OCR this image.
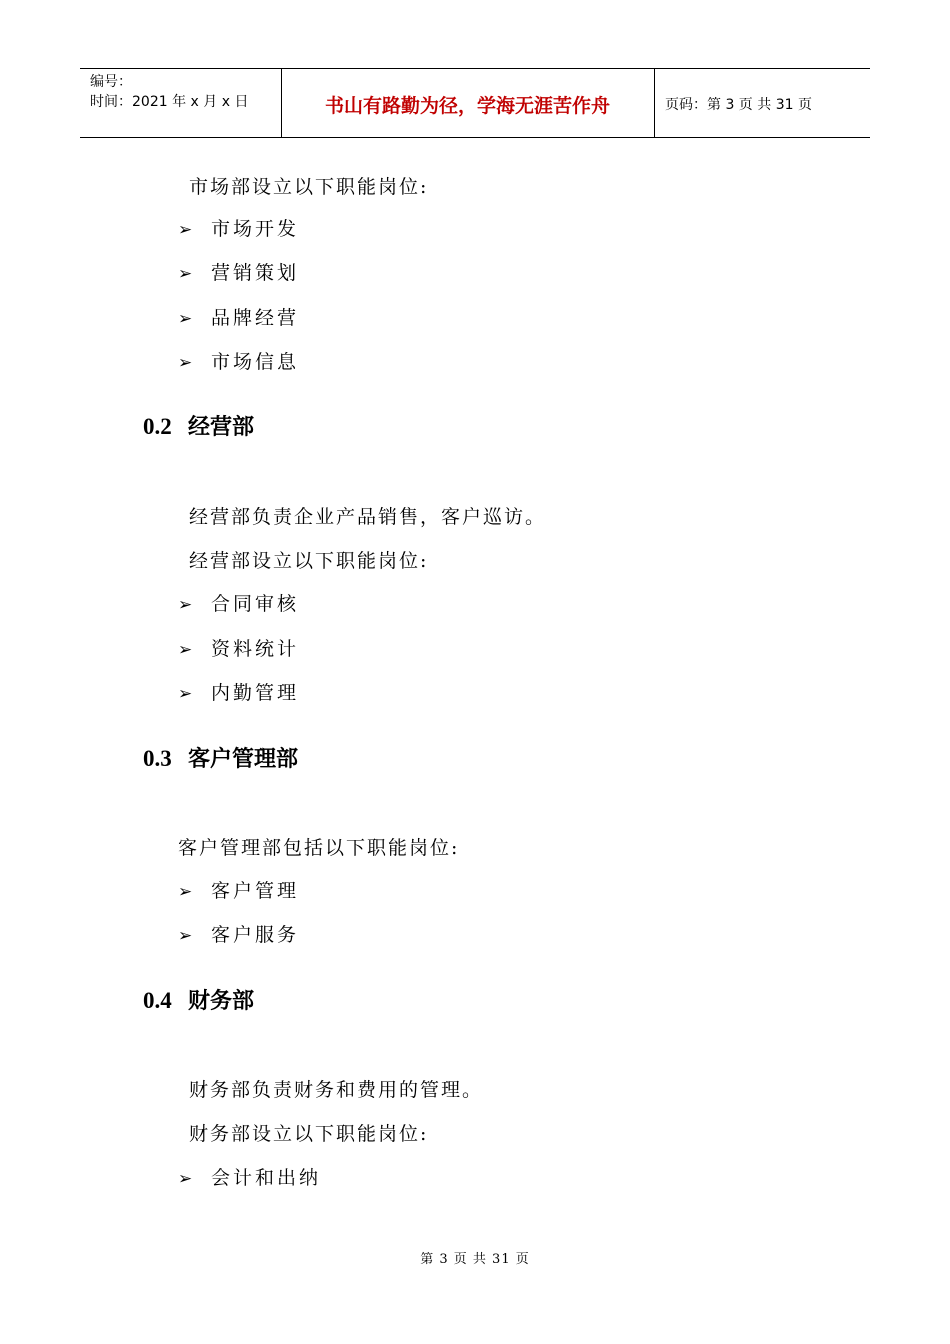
编号：
时间：2021 年 x 月 x 日	书山有路勤为径，学海无涯苦作舟	页码：第 3 页 共 31 页
市场部设立以下职能岗位:
➢ 市场开发
➢ 营销策划
➢ 品牌经营
➢ 市场信息
0.2 经营部
经营部负责企业产品销售，客户巡访。
经营部设立以下职能岗位:
➢ 合同审核
➢ 资料统计
➢ 内勤管理
0.3 客户管理部
客户管理部包括以下职能岗位:
➢ 客户管理
➢ 客户服务
0.4 财务部
财务部负责财务和费用的管理。
财务部设立以下职能岗位:
➢ 会计和出纳
第 3 页 共 31 页
